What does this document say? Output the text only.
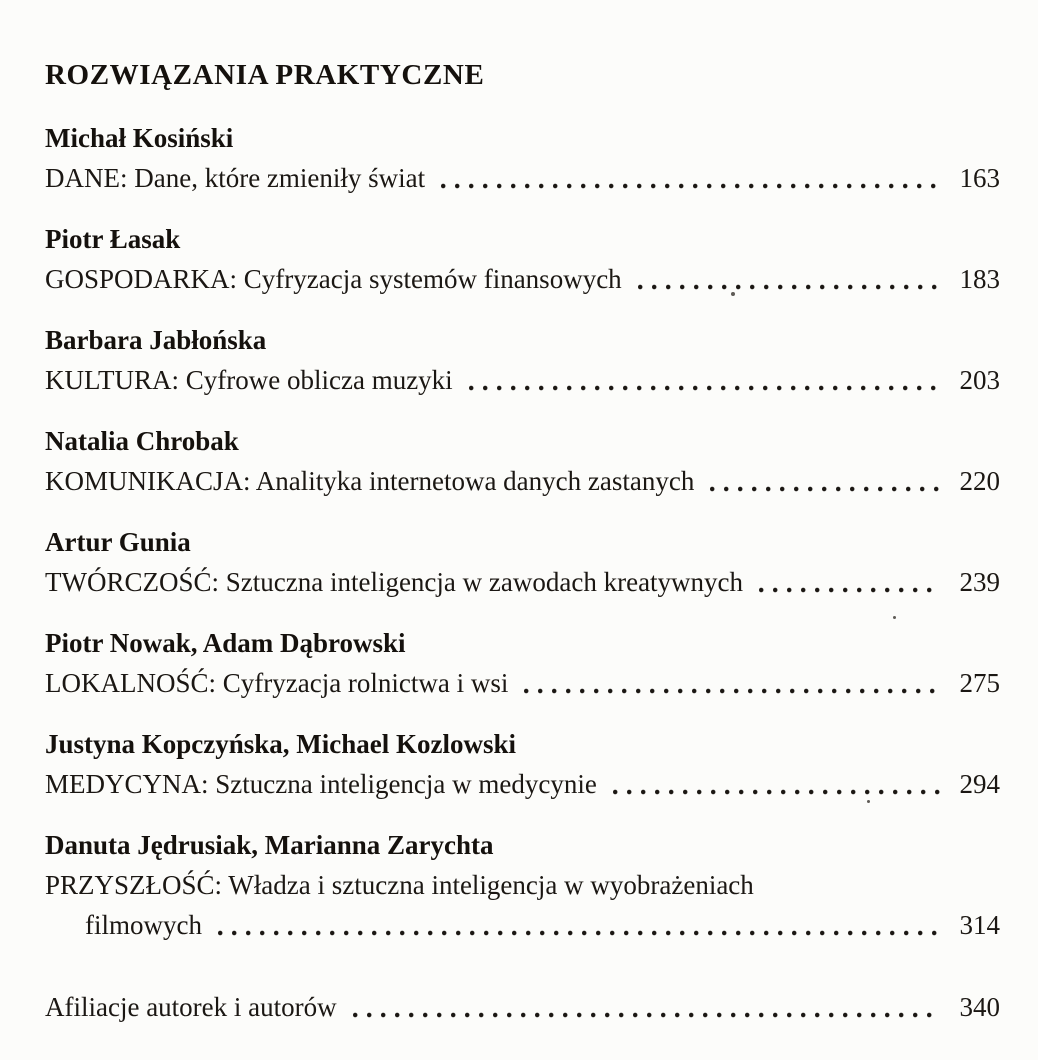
ROZWIĄZANIA PRAKTYCZNE
Michał Kosiński
DANE: Dane, które zmieniły świat	163
Piotr Łasak
GOSPODARKA: Cyfryzacja systemów finansowych	183
Barbara Jabłońska
KULTURA: Cyfrowe oblicza muzyki	203
Natalia Chrobak
KOMUNIKACJA: Analityka internetowa danych zastanych	220
Artur Gunia
TWÓRCZOŚĆ: Sztuczna inteligencja w zawodach kreatywnych	239
Piotr Nowak, Adam Dąbrowski
LOKALNOŚĆ: Cyfryzacja rolnictwa i wsi	275
Justyna Kopczyńska, Michael Kozlowski
MEDYCYNA: Sztuczna inteligencja w medycynie	294
Danuta Jędrusiak, Marianna Zarychta
PRZYSZŁOŚĆ: Władza i sztuczna inteligencja w wyobrażeniach
filmowych	314
Afiliacje autorek i autorów	340
